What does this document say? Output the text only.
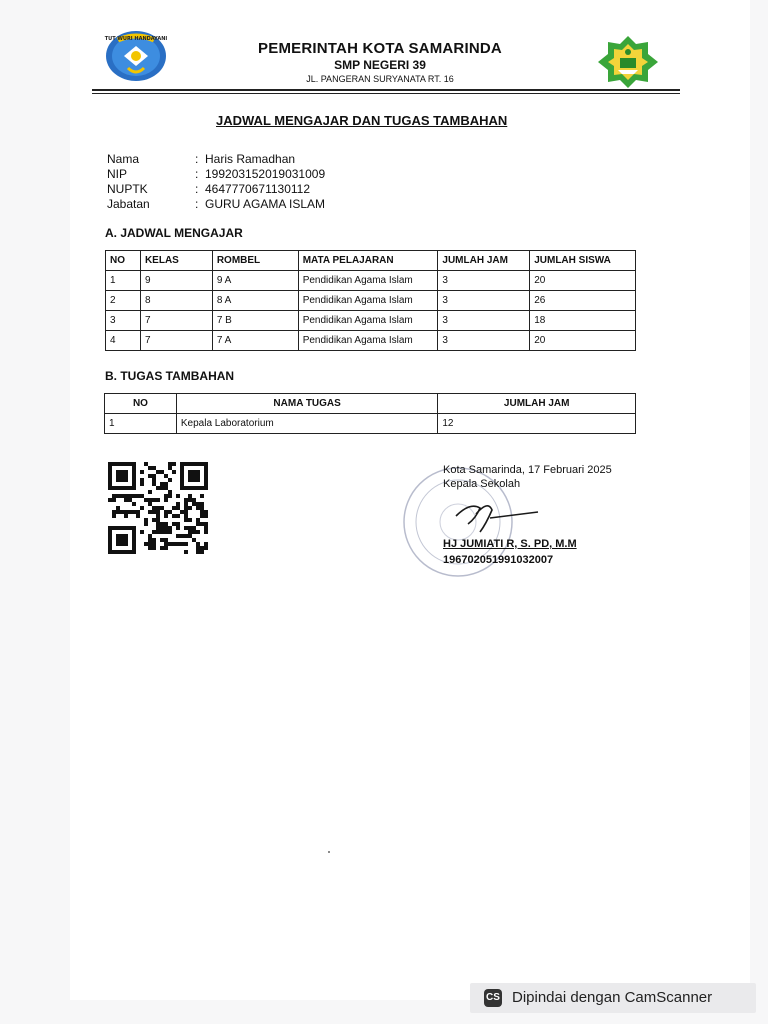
TUT WURI HANDAYANI
PEMERINTAH KOTA SAMARINDA
SMP NEGERI 39
JL. PANGERAN SURYANATA RT. 16
JADWAL MENGAJAR DAN TUGAS TAMBAHAN
Nama	: Haris Ramadhan
NIP	: 199203152019031009
NUPTK	: 4647770671130112
Jabatan	: GURU AGAMA ISLAM
A. JADWAL MENGAJAR
NO	KELAS	ROMBEL	MATA PELAJARAN	JUMLAH JAM	JUMLAH SISWA
1	9	9 A	Pendidikan Agama Islam	3	20
2	8	8 A	Pendidikan Agama Islam	3	26
3	7	7 B	Pendidikan Agama Islam	3	18
4	7	7 A	Pendidikan Agama Islam	3	20
B. TUGAS TAMBAHAN
NO	NAMA TUGAS	JUMLAH JAM
1	Kepala Laboratorium	12
Kota Samarinda, 17 Februari 2025
Kepala Sekolah
HJ JUMIATI R, S. PD, M.M
196702051991032007
CS Dipindai dengan CamScanner
